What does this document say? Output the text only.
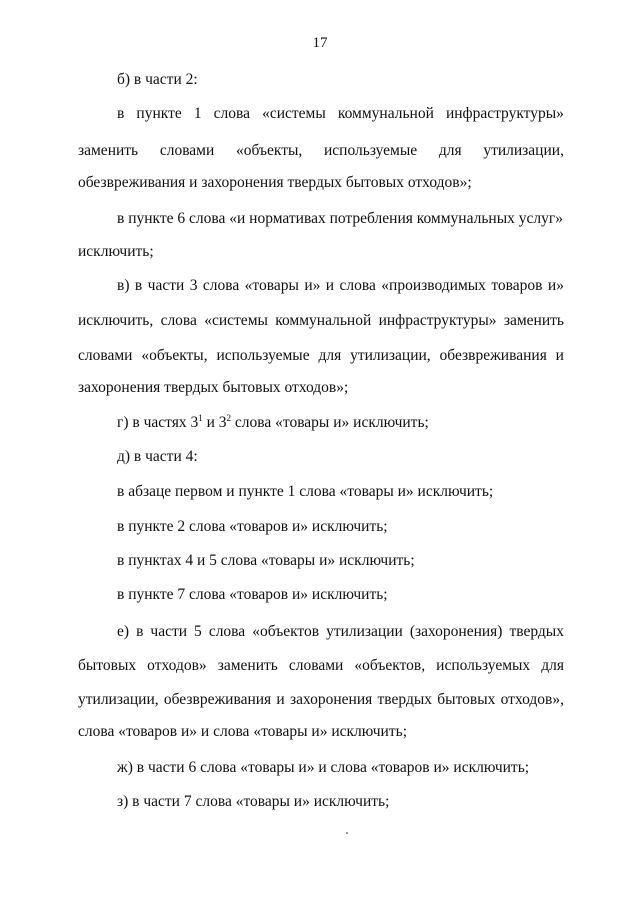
17
б) в части 2:
в пункте 1 слова «системы коммунальной инфраструктуры»
заменить словами «объекты, используемые для утилизации,
обезвреживания и захоронения твердых бытовых отходов»;
в пункте 6 слова «и нормативах потребления коммунальных услуг»
исключить;
в) в части 3 слова «товары и» и слова «производимых товаров и»
исключить, слова «системы коммунальной инфраструктуры» заменить
словами «объекты, используемые для утилизации, обезвреживания и
захоронения твердых бытовых отходов»;
г) в частях $3^1$ и $3^2$ слова «товары и» исключить;
д) в части 4:
в абзаце первом и пункте 1 слова «товары и» исключить;
в пункте 2 слова «товаров и» исключить;
в пунктах 4 и 5 слова «товары и» исключить;
в пункте 7 слова «товаров и» исключить;
е) в части 5 слова «объектов утилизации (захоронения) твердых
бытовых отходов» заменить словами «объектов, используемых для
утилизации, обезвреживания и захоронения твердых бытовых отходов»,
слова «товаров и» и слова «товары и» исключить;
ж) в части 6 слова «товары и» и слова «товаров и» исключить;
з) в части 7 слова «товары и» исключить;
